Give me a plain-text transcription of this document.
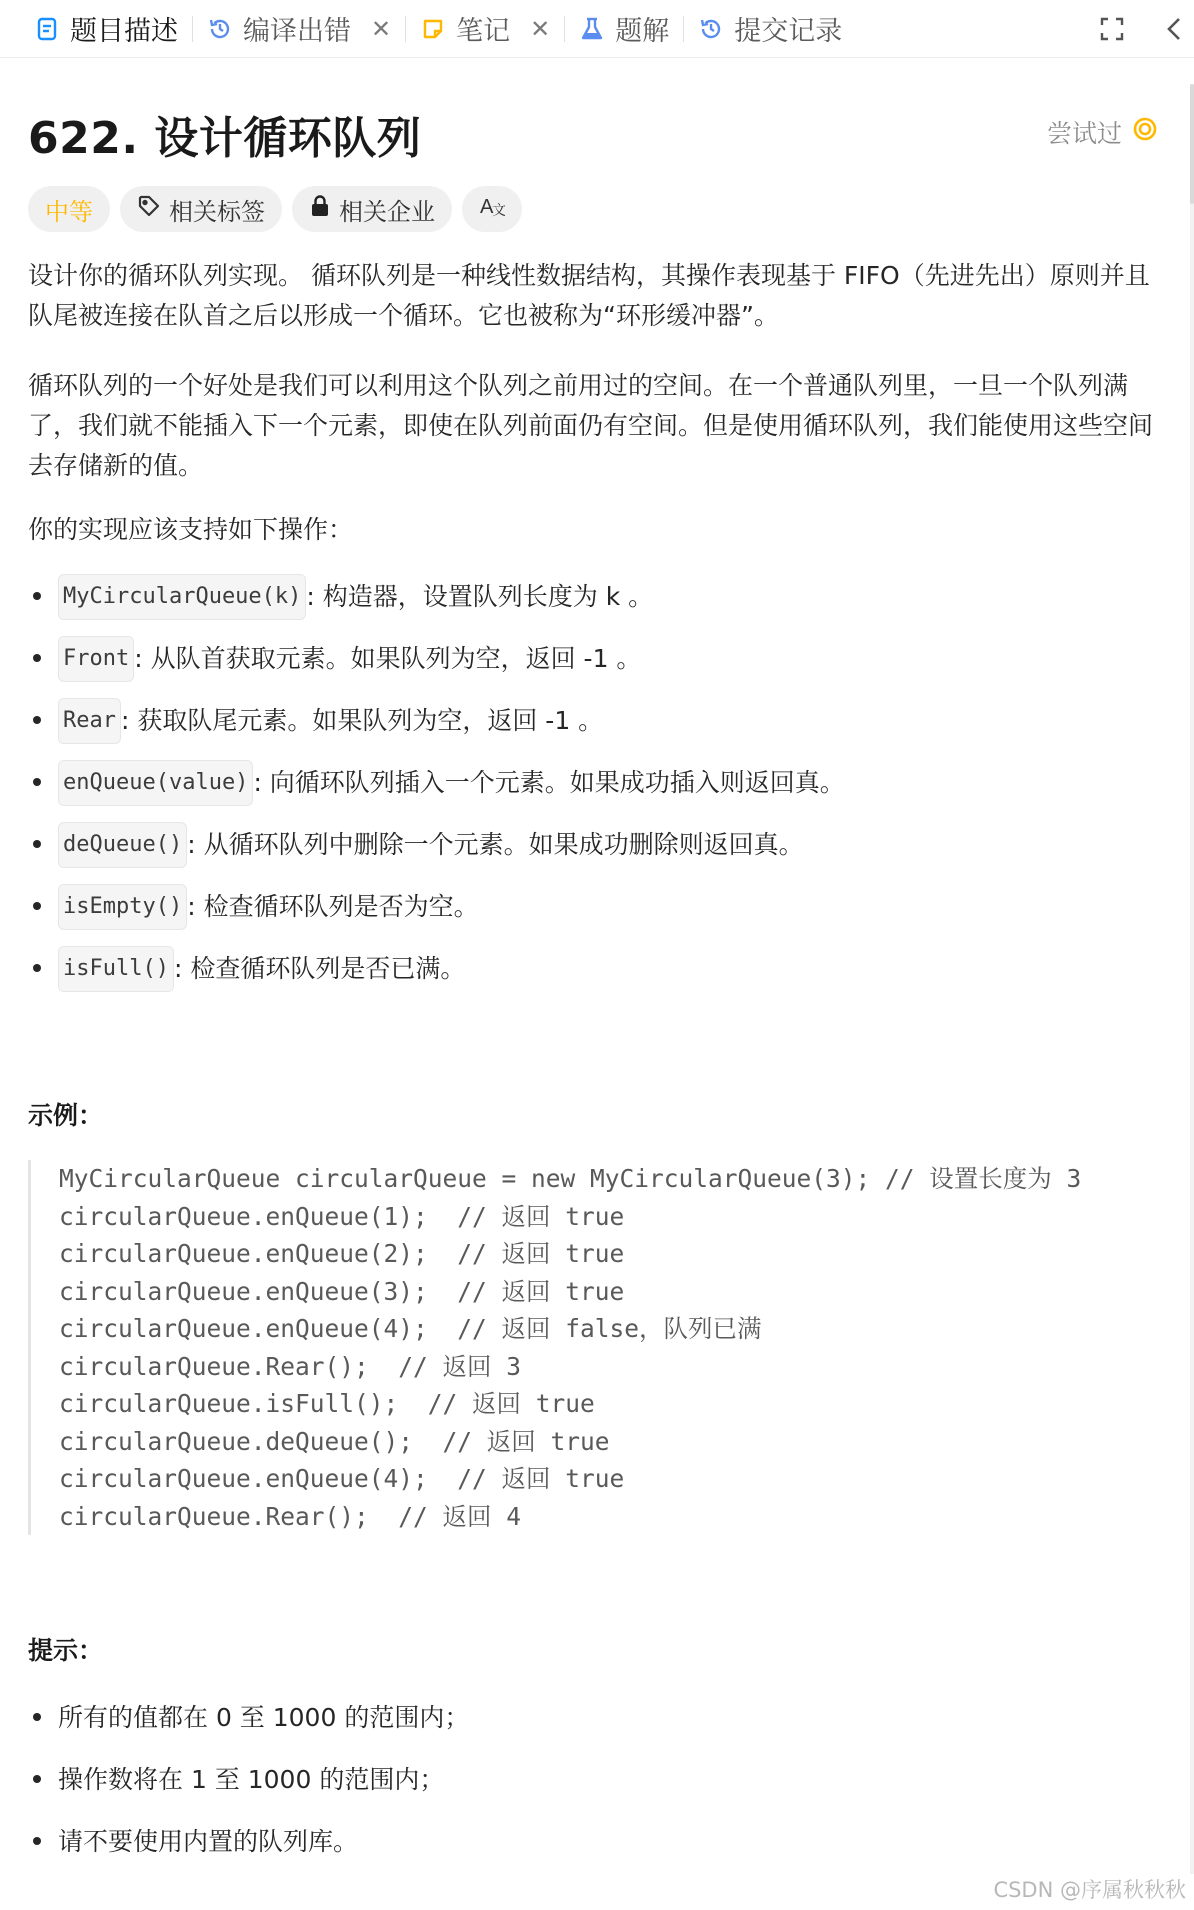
题目描述 编译出错 ✕ 笔记 ✕ 题解 提交记录
622. 设计循环队列	尝试过
中等	相关标签	相关企业 A
文

设计你的循环队列实现。 循环队列是一种线性数据结构，其操作表现基于 FIFO（先进先出）原则并且队尾被连接在队首之后以形成一个循环。它也被称为“环形缓冲器”。

循环队列的一个好处是我们可以利用这个队列之前用过的空间。在一个普通队列里，一旦一个队列满了，我们就不能插入下一个元素，即使在队列前面仍有空间。但是使用循环队列，我们能使用这些空间去存储新的值。

你的实现应该支持如下操作：

MyCircularQueue(k) : 构造器，设置队列长度为 k 。
Front : 从队首获取元素。如果队列为空，返回 -1 。
Rear : 获取队尾元素。如果队列为空，返回 -1 。
enQueue(value) : 向循环队列插入一个元素。如果成功插入则返回真。
deQueue() : 从循环队列中删除一个元素。如果成功删除则返回真。
isEmpty() : 检查循环队列是否为空。
isFull() : 检查循环队列是否已满。
示例：
MyCircularQueue circularQueue = new MyCircularQueue(3); // 设置长度为 3
circularQueue.enQueue(1);  // 返回 true
circularQueue.enQueue(2);  // 返回 true
circularQueue.enQueue(3);  // 返回 true
circularQueue.enQueue(4);  // 返回 false，队列已满
circularQueue.Rear();  // 返回 3
circularQueue.isFull();  // 返回 true
circularQueue.deQueue();  // 返回 true
circularQueue.enQueue(4);  // 返回 true
circularQueue.Rear();  // 返回 4
提示：
所有的值都在 0 至 1000 的范围内；
操作数将在 1 至 1000 的范围内；
请不要使用内置的队列库。
CSDN @序属秋秋秋
